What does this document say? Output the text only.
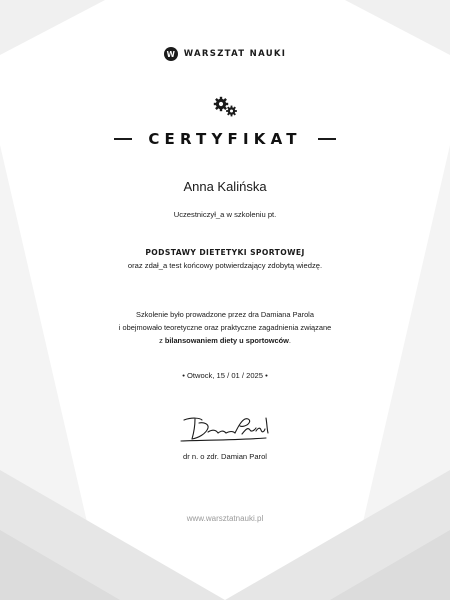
W	WARSZTAT NAUKI
CERTYFIKAT
Anna Kalińska
Uczestniczył_a w szkoleniu pt.
PODSTAWY DIETETYKI SPORTOWEJ
oraz zdał_a test końcowy potwierdzający zdobytą wiedzę.
Szkolenie było prowadzone przez dra Damiana Parola
i obejmowało teoretyczne oraz praktyczne zagadnienia związane
z bilansowaniem diety u sportowców.
• Otwock, 15 / 01 / 2025 •
dr n. o zdr. Damian Parol
www.warsztatnauki.pl
